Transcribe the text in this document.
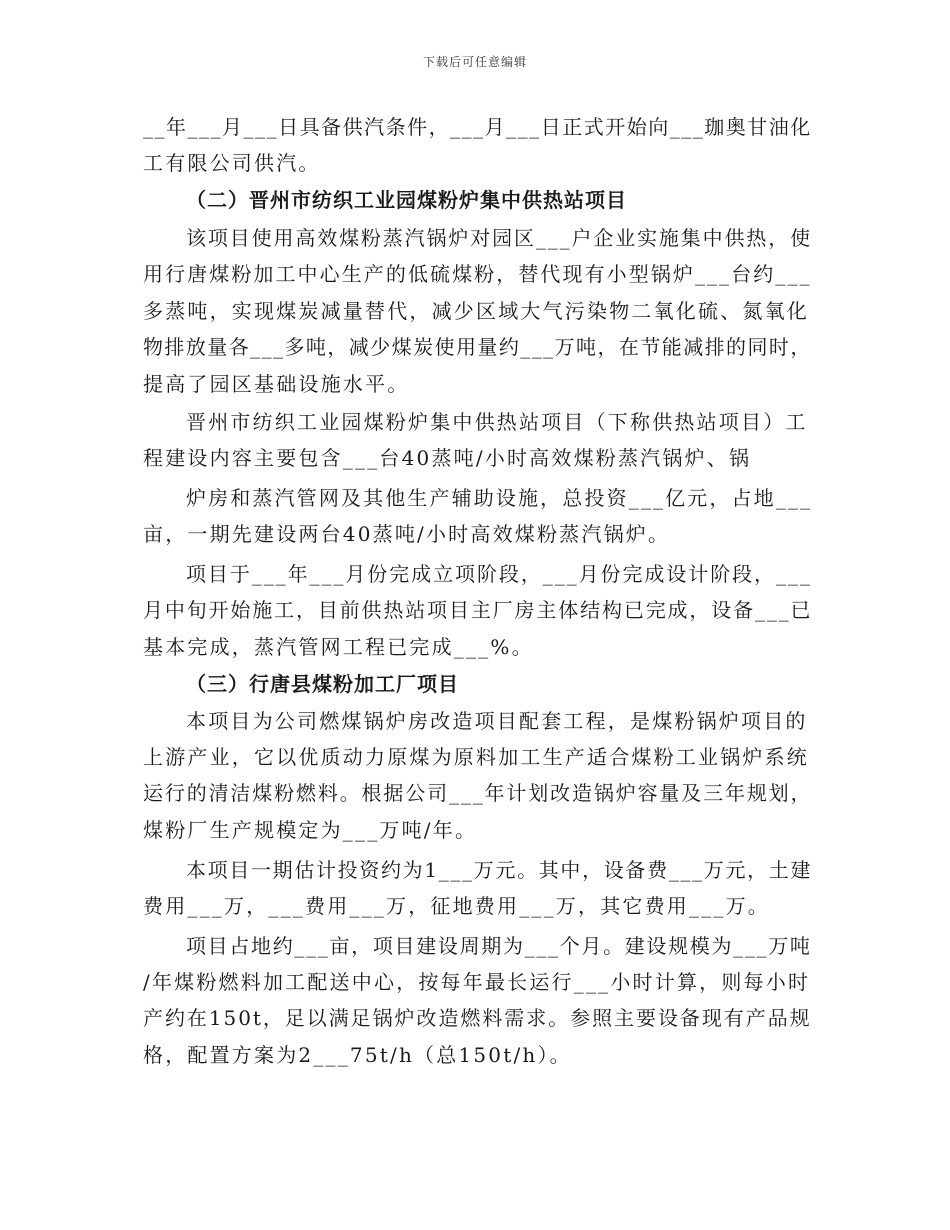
下载后可任意编辑
__年___月___日具备供汽条件，___月___日正式开始向___珈奥甘油化
工有限公司供汽。
（二）晋州市纺织工业园煤粉炉集中供热站项目
该项目使用高效煤粉蒸汽锅炉对园区___户企业实施集中供热，使
用行唐煤粉加工中心生产的低硫煤粉，替代现有小型锅炉___台约___
多蒸吨，实现煤炭减量替代，减少区域大气污染物二氧化硫、氮氧化
物排放量各___多吨，减少煤炭使用量约___万吨，在节能减排的同时，
提高了园区基础设施水平。
晋州市纺织工业园煤粉炉集中供热站项目（下称供热站项目）工
程建设内容主要包含___台40蒸吨/小时高效煤粉蒸汽锅炉、锅
炉房和蒸汽管网及其他生产辅助设施，总投资___亿元，占地___
亩，一期先建设两台40蒸吨/小时高效煤粉蒸汽锅炉。
项目于___年___月份完成立项阶段，___月份完成设计阶段，___
月中旬开始施工，目前供热站项目主厂房主体结构已完成，设备___已
基本完成，蒸汽管网工程已完成___%。
（三）行唐县煤粉加工厂项目
本项目为公司燃煤锅炉房改造项目配套工程，是煤粉锅炉项目的
上游产业，它以优质动力原煤为原料加工生产适合煤粉工业锅炉系统
运行的清洁煤粉燃料。根据公司___年计划改造锅炉容量及三年规划，
煤粉厂生产规模定为___万吨/年。
本项目一期估计投资约为1___万元。其中，设备费___万元，土建
费用___万，___费用___万，征地费用___万，其它费用___万。
项目占地约___亩，项目建设周期为___个月。建设规模为___万吨
/年煤粉燃料加工配送中心，按每年最长运行___小时计算，则每小时
产约在150t，足以满足锅炉改造燃料需求。参照主要设备现有产品规
格，配置方案为2___75t/h（总150t/h）。
